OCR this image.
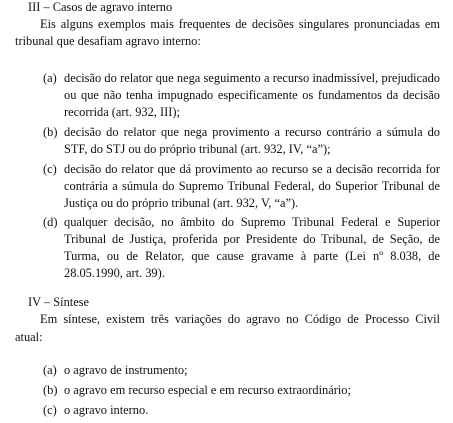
III – Casos de agravo interno
Eis alguns exemplos mais frequentes de decisões singulares pronunciadas em
tribunal que desafiam agravo interno:
(a) decisão do relator que nega seguimento a recurso inadmissível, prejudicado
ou que não tenha impugnado especificamente os fundamentos da decisão
recorrida (art. 932, III);
(b) decisão do relator que nega provimento a recurso contrário a súmula do
STF, do STJ ou do próprio tribunal (art. 932, IV, “a”);
(c) decisão do relator que dá provimento ao recurso se a decisão recorrida for
contrária a súmula do Supremo Tribunal Federal, do Superior Tribunal de
Justiça ou do próprio tribunal (art. 932, V, “a”).
(d) qualquer decisão, no âmbito do Supremo Tribunal Federal e Superior
Tribunal de Justiça, proferida por Presidente do Tribunal, de Seção, de
Turma, ou de Relator, que cause gravame à parte (Lei nº 8.038, de
28.05.1990, art. 39).
IV – Síntese
Em síntese, existem três variações do agravo no Código de Processo Civil
atual:
(a) o agravo de instrumento;
(b) o agravo em recurso especial e em recurso extraordinário;
(c) o agravo interno.
